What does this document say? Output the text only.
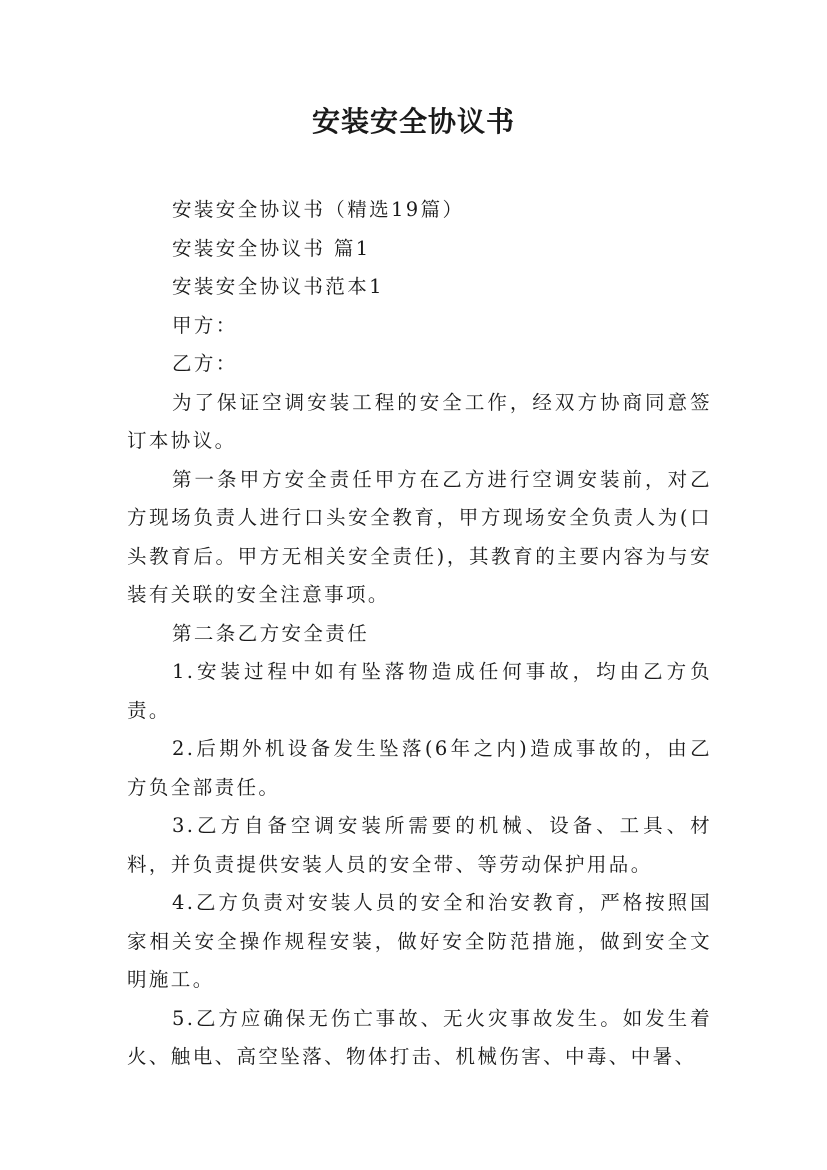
安装安全协议书

安装安全协议书（精选19篇）

安装安全协议书 篇1

安装安全协议书范本1

甲方：

乙方：

为了保证空调安装工程的安全工作，经双方协商同意签订本协议。

第一条甲方安全责任甲方在乙方进行空调安装前，对乙方现场负责人进行口头安全教育，甲方现场安全负责人为(口头教育后。甲方无相关安全责任)，其教育的主要内容为与安装有关联的安全注意事项。

第二条乙方安全责任

1.安装过程中如有坠落物造成任何事故，均由乙方负责。

2.后期外机设备发生坠落(6年之内)造成事故的，由乙方负全部责任。

3.乙方自备空调安装所需要的机械、设备、工具、材料，并负责提供安装人员的安全带、等劳动保护用品。

4.乙方负责对安装人员的安全和治安教育，严格按照国家相关安全操作规程安装，做好安全防范措施，做到安全文明施工。

5.乙方应确保无伤亡事故、无火灾事故发生。如发生着火、触电、高空坠落、物体打击、机械伤害、中毒、中暑、
